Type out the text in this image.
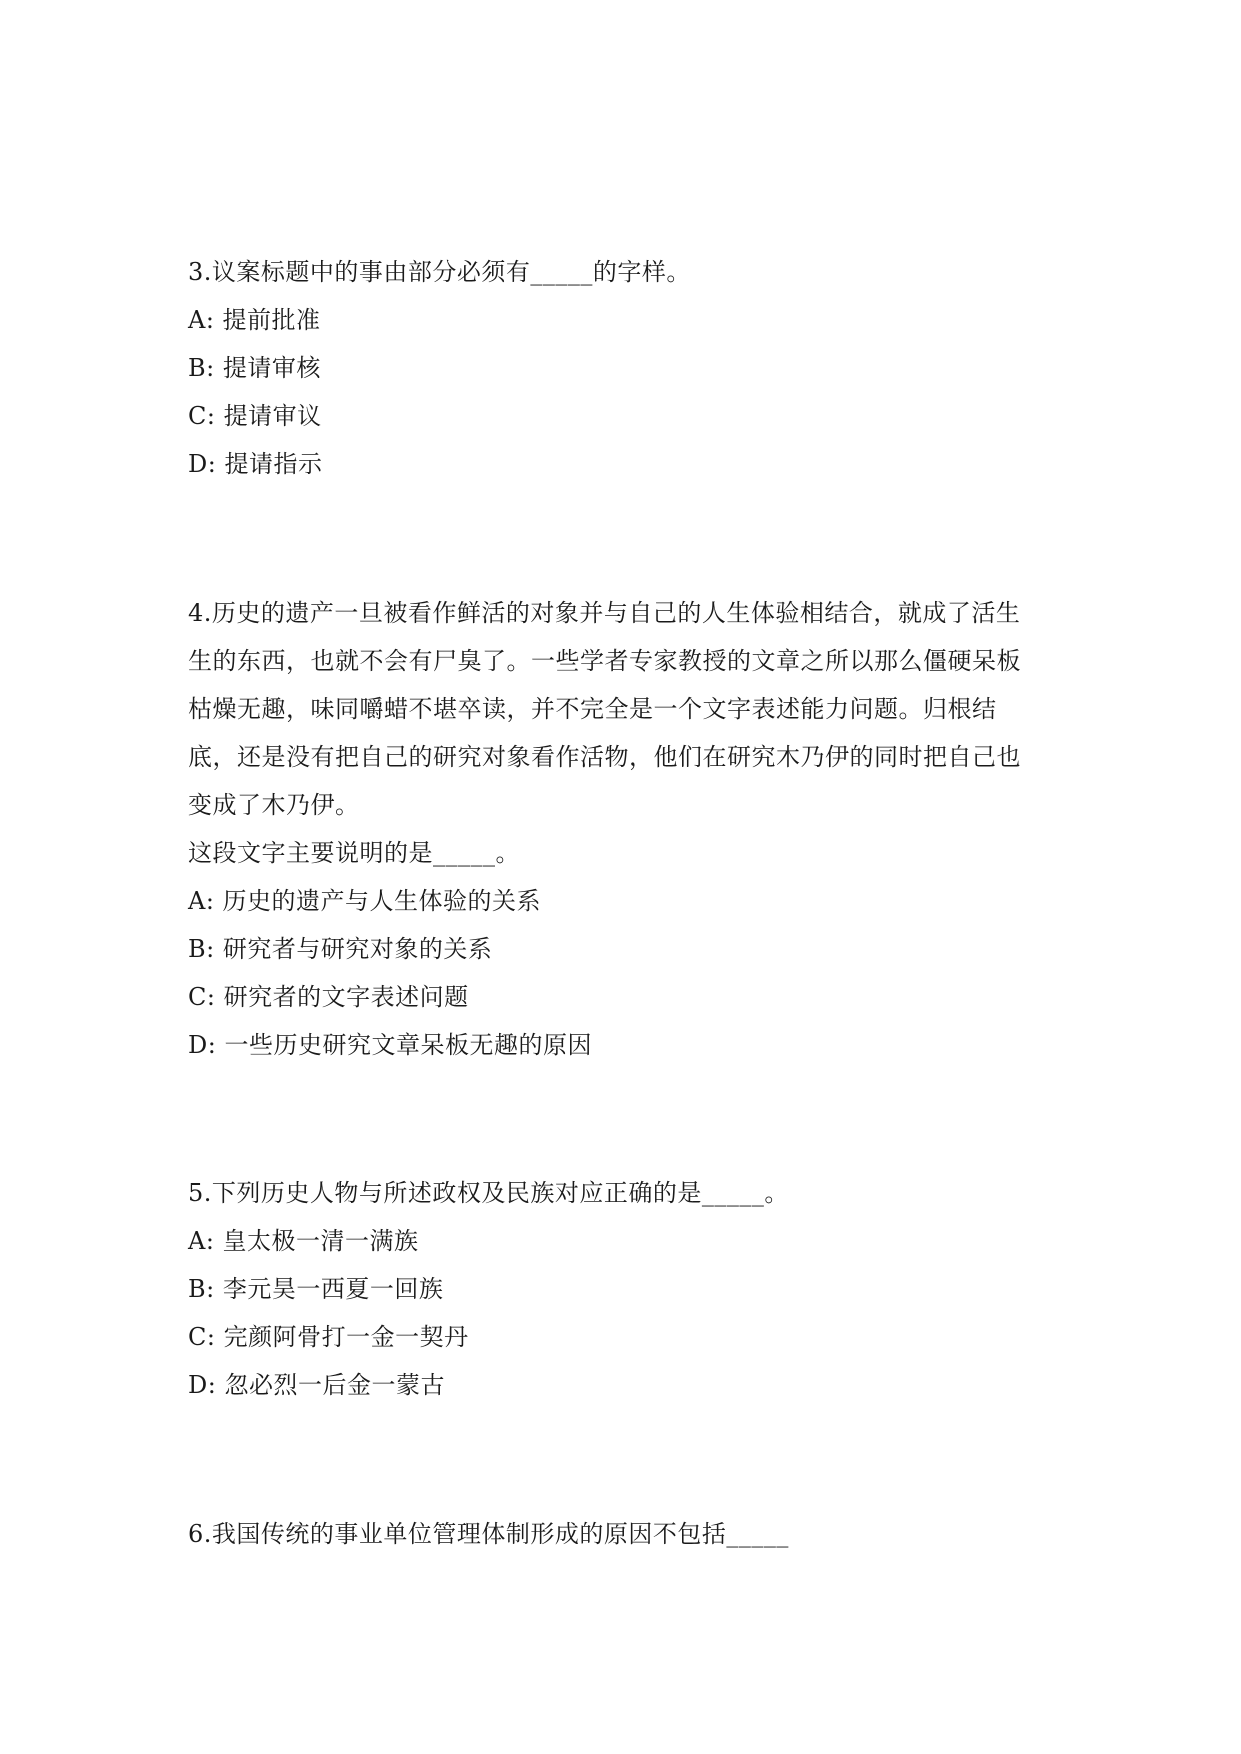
3.议案标题中的事由部分必须有_____的字样。
A: 提前批准
B: 提请审核
C: 提请审议
D: 提请指示
4.历史的遗产一旦被看作鲜活的对象并与自己的人生体验相结合，就成了活生
生的东西，也就不会有尸臭了。一些学者专家教授的文章之所以那么僵硬呆板
枯燥无趣，味同嚼蜡不堪卒读，并不完全是一个文字表述能力问题。归根结
底，还是没有把自己的研究对象看作活物，他们在研究木乃伊的同时把自己也
变成了木乃伊。
这段文字主要说明的是_____。
A: 历史的遗产与人生体验的关系
B: 研究者与研究对象的关系
C: 研究者的文字表述问题
D: 一些历史研究文章呆板无趣的原因
5.下列历史人物与所述政权及民族对应正确的是_____。
A: 皇太极一清一满族
B: 李元昊一西夏一回族
C: 完颜阿骨打一金一契丹
D: 忽必烈一后金一蒙古
6.我国传统的事业单位管理体制形成的原因不包括_____
